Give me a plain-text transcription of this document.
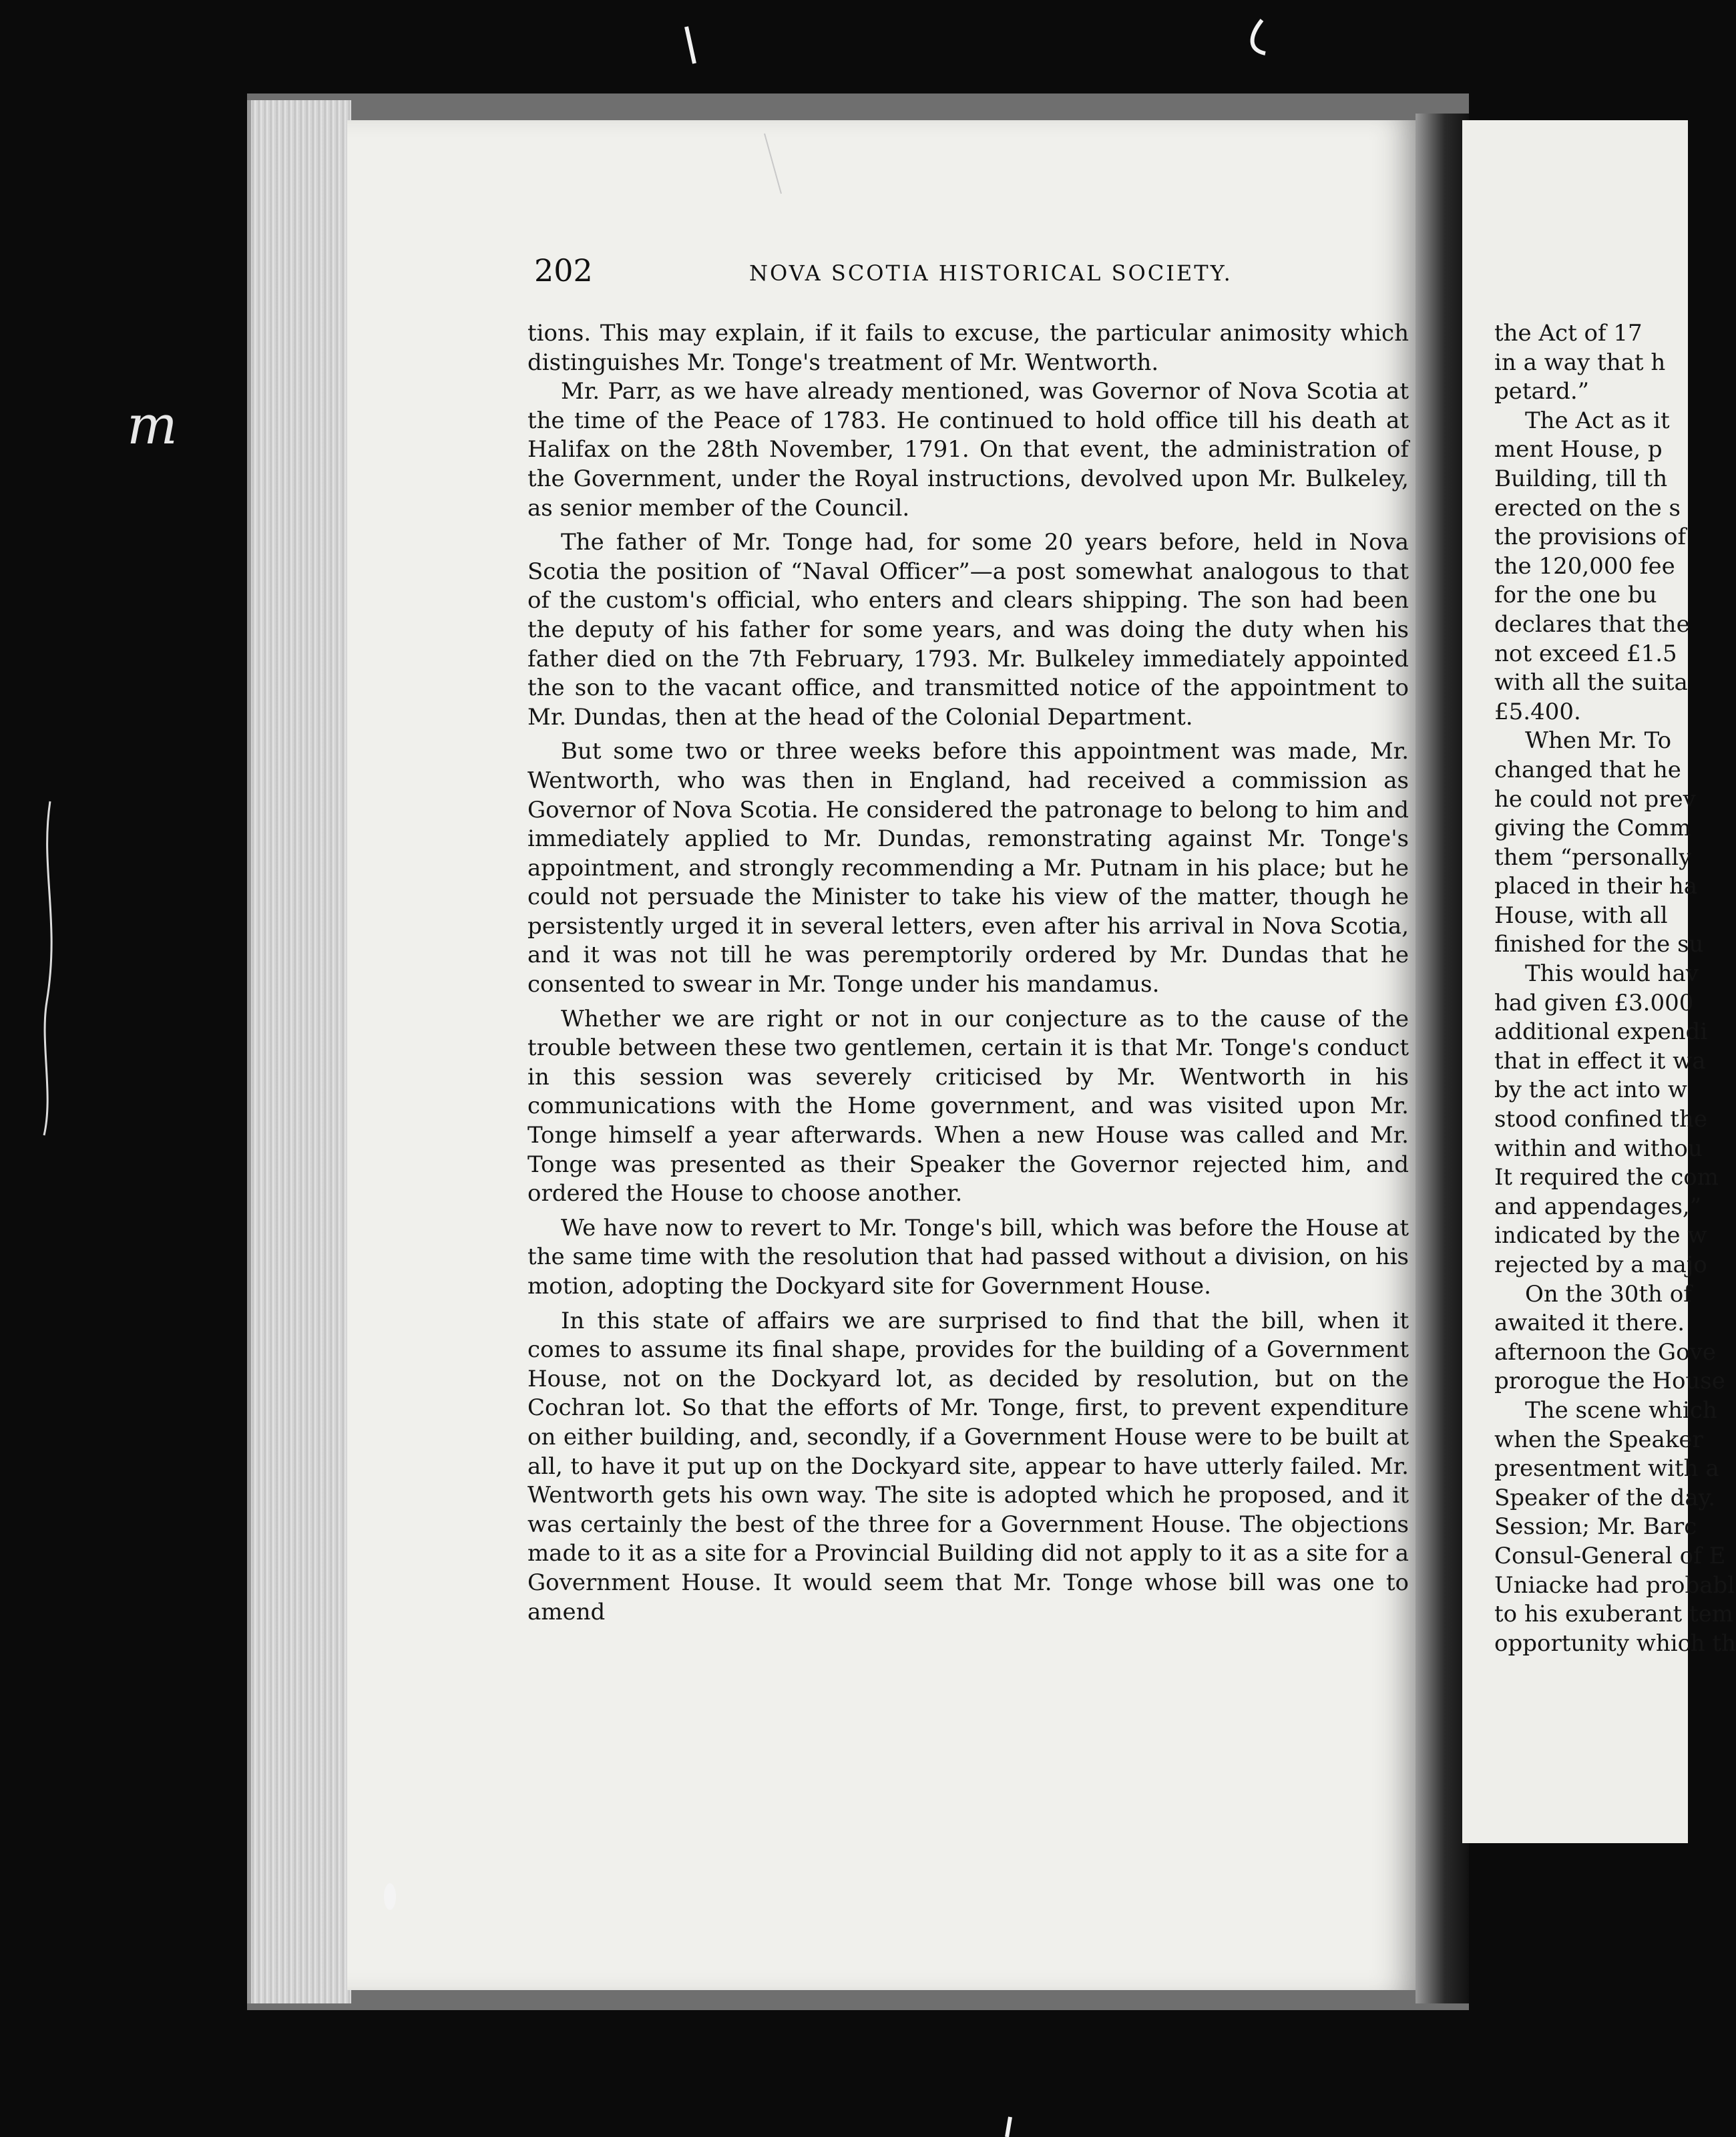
m
202	NOVA SCOTIA HISTORICAL SOCIETY.

tions. This may explain, if it fails to excuse, the particular animosity which distinguishes Mr. Tonge's treatment of Mr. Wentworth.

Mr. Parr, as we have already mentioned, was Governor of Nova Scotia at the time of the Peace of 1783. He continued to hold office till his death at Halifax on the 28th November, 1791. On that event, the administration of the Government, under the Royal instructions, devolved upon Mr. Bulkeley, as senior member of the Council.

The father of Mr. Tonge had, for some 20 years before, held in Nova Scotia the position of “Naval Officer”—a post somewhat analogous to that of the custom's official, who enters and clears shipping. The son had been the deputy of his father for some years, and was doing the duty when his father died on the 7th February, 1793. Mr. Bulkeley immediately appointed the son to the vacant office, and transmitted notice of the appointment to Mr. Dundas, then at the head of the Colonial Department.

But some two or three weeks before this appointment was made, Mr. Wentworth, who was then in England, had received a commission as Governor of Nova Scotia. He considered the patronage to belong to him and immediately applied to Mr. Dundas, remonstrating against Mr. Tonge's appointment, and strongly recommending a Mr. Putnam in his place; but he could not persuade the Minister to take his view of the matter, though he persistently urged it in several letters, even after his arrival in Nova Scotia, and it was not till he was peremptorily ordered by Mr. Dundas that he consented to swear in Mr. Tonge under his mandamus.

Whether we are right or not in our conjecture as to the cause of the trouble between these two gentlemen, certain it is that Mr. Tonge's conduct in this session was severely criticised by Mr. Wentworth in his communications with the Home government, and was visited upon Mr. Tonge himself a year afterwards. When a new House was called and Mr. Tonge was presented as their Speaker the Governor rejected him, and ordered the House to choose another.

We have now to revert to Mr. Tonge's bill, which was before the House at the same time with the resolution that had passed without a division, on his motion, adopting the Dockyard site for Government House.

In this state of affairs we are surprised to find that the bill, when it comes to assume its final shape, provides for the building of a Government House, not on the Dockyard lot, as decided by resolution, but on the Cochran lot. So that the efforts of Mr. Tonge, first, to prevent expenditure on either building, and, secondly, if a Government House were to be built at all, to have it put up on the Dockyard site, appear to have utterly failed. Mr. Wentworth gets his own way. The site is adopted which he proposed, and it was certainly the best of the three for a Government House. The objections made to it as a site for a Provincial Building did not apply to it as a site for a Government House. It would seem that Mr. Tonge whose bill was one to amend

the Act of 17
in a way that h
petard.”
The Act as it
ment House, p
Building, till th
erected on the s
the provisions of
the 120,000 fee
for the one bu
declares that the
not exceed £1.5
with all the suita
£5.400.
When Mr. To
changed that he
he could not prev
giving the Comm
them “personally
placed in their ha
House, with all
finished for the su
This would hav
had given £3.000
additional expendi
that in effect it wa
by the act into w
stood confined the
within and withou
It required the com
and appendages,”
indicated by the w
rejected by a majo
On the 30th of
awaited it there.
afternoon the Gove
prorogue the House
The scene which
when the Speaker
presentment with a
Speaker of the day.
Session; Mr. Barc
Consul-General of E
Uniacke had probabl
to his exuberant tem
opportunity which th
